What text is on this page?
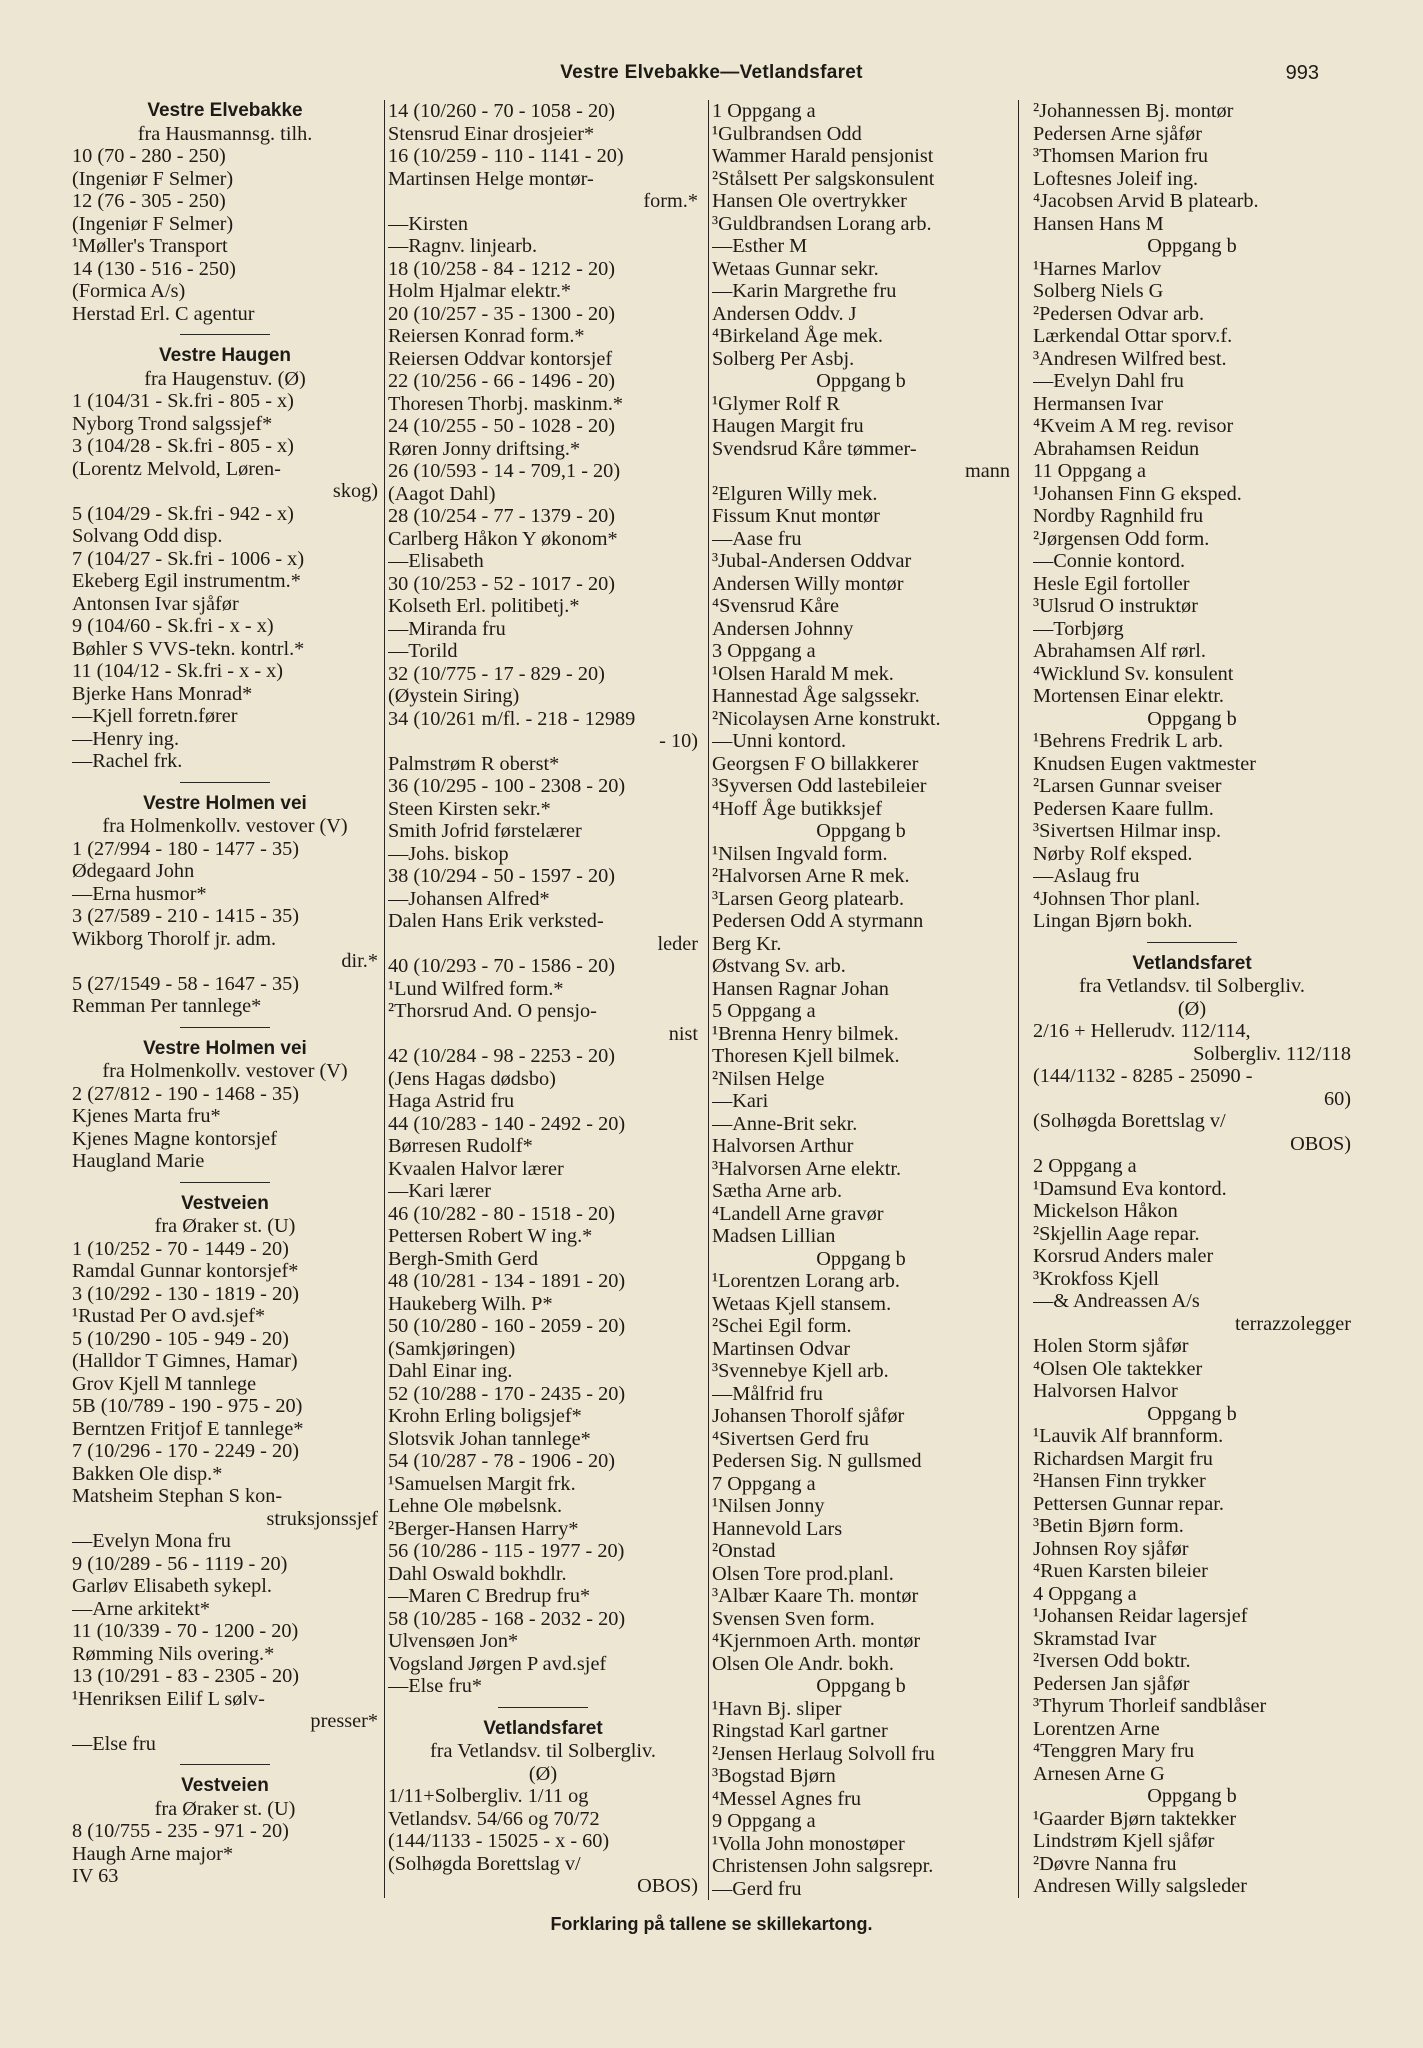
Vestre Elvebakke—Vetlandsfaret	993
Vestre Elvebakke
fra Hausmannsg. tilh.
10 (70 - 280 - 250)
(Ingeniør F Selmer)
12 (76 - 305 - 250)
(Ingeniør F Selmer)
¹Møller's Transport
14 (130 - 516 - 250)
(Formica A/s)
Herstad Erl. C agentur
Vestre Haugen
fra Haugenstuv. (Ø)
1 (104/31 - Sk.fri - 805 - x)
Nyborg Trond salgssjef*
3 (104/28 - Sk.fri - 805 - x)
(Lorentz Melvold, Løren-
skog)
5 (104/29 - Sk.fri - 942 - x)
Solvang Odd disp.
7 (104/27 - Sk.fri - 1006 - x)
Ekeberg Egil instrumentm.*
Antonsen Ivar sjåfør
9 (104/60 - Sk.fri - x - x)
Bøhler S VVS-tekn. kontrl.*
11 (104/12 - Sk.fri - x - x)
Bjerke Hans Monrad*
—Kjell forretn.fører
—Henry ing.
—Rachel frk.
Vestre Holmen vei
fra Holmenkollv. vestover (V)
1 (27/994 - 180 - 1477 - 35)
Ødegaard John
—Erna husmor*
3 (27/589 - 210 - 1415 - 35)
Wikborg Thorolf jr. adm.
dir.*
5 (27/1549 - 58 - 1647 - 35)
Remman Per tannlege*
Vestre Holmen vei
fra Holmenkollv. vestover (V)
2 (27/812 - 190 - 1468 - 35)
Kjenes Marta fru*
Kjenes Magne kontorsjef
Haugland Marie
Vestveien
fra Øraker st. (U)
1 (10/252 - 70 - 1449 - 20)
Ramdal Gunnar kontorsjef*
3 (10/292 - 130 - 1819 - 20)
¹Rustad Per O avd.sjef*
5 (10/290 - 105 - 949 - 20)
(Halldor T Gimnes, Hamar)
Grov Kjell M tannlege
5B (10/789 - 190 - 975 - 20)
Berntzen Fritjof E tannlege*
7 (10/296 - 170 - 2249 - 20)
Bakken Ole disp.*
Matsheim Stephan S kon-
struksjonssjef
—Evelyn Mona fru
9 (10/289 - 56 - 1119 - 20)
Garløv Elisabeth sykepl.
—Arne arkitekt*
11 (10/339 - 70 - 1200 - 20)
Rømming Nils overing.*
13 (10/291 - 83 - 2305 - 20)
¹Henriksen Eilif L sølv-
presser*
—Else fru
Vestveien
fra Øraker st. (U)
8 (10/755 - 235 - 971 - 20)
Haugh Arne major*
IV 63
14 (10/260 - 70 - 1058 - 20)
Stensrud Einar drosjeier*
16 (10/259 - 110 - 1141 - 20)
Martinsen Helge montør-
form.*
—Kirsten
—Ragnv. linjearb.
18 (10/258 - 84 - 1212 - 20)
Holm Hjalmar elektr.*
20 (10/257 - 35 - 1300 - 20)
Reiersen Konrad form.*
Reiersen Oddvar kontorsjef
22 (10/256 - 66 - 1496 - 20)
Thoresen Thorbj. maskinm.*
24 (10/255 - 50 - 1028 - 20)
Røren Jonny driftsing.*
26 (10/593 - 14 - 709,1 - 20)
(Aagot Dahl)
28 (10/254 - 77 - 1379 - 20)
Carlberg Håkon Y økonom*
—Elisabeth
30 (10/253 - 52 - 1017 - 20)
Kolseth Erl. politibetj.*
—Miranda fru
—Torild
32 (10/775 - 17 - 829 - 20)
(Øystein Siring)
34 (10/261 m/fl. - 218 - 12989
- 10)
Palmstrøm R oberst*
36 (10/295 - 100 - 2308 - 20)
Steen Kirsten sekr.*
Smith Jofrid førstelærer
—Johs. biskop
38 (10/294 - 50 - 1597 - 20)
—Johansen Alfred*
Dalen Hans Erik verksted-
leder
40 (10/293 - 70 - 1586 - 20)
¹Lund Wilfred form.*
²Thorsrud And. O pensjo-
nist
42 (10/284 - 98 - 2253 - 20)
(Jens Hagas dødsbo)
Haga Astrid fru
44 (10/283 - 140 - 2492 - 20)
Børresen Rudolf*
Kvaalen Halvor lærer
—Kari lærer
46 (10/282 - 80 - 1518 - 20)
Pettersen Robert W ing.*
Bergh-Smith Gerd
48 (10/281 - 134 - 1891 - 20)
Haukeberg Wilh. P*
50 (10/280 - 160 - 2059 - 20)
(Samkjøringen)
Dahl Einar ing.
52 (10/288 - 170 - 2435 - 20)
Krohn Erling boligsjef*
Slotsvik Johan tannlege*
54 (10/287 - 78 - 1906 - 20)
¹Samuelsen Margit frk.
Lehne Ole møbelsnk.
²Berger-Hansen Harry*
56 (10/286 - 115 - 1977 - 20)
Dahl Oswald bokhdlr.
—Maren C Bredrup fru*
58 (10/285 - 168 - 2032 - 20)
Ulvensøen Jon*
Vogsland Jørgen P avd.sjef
—Else fru*
Vetlandsfaret
fra Vetlandsv. til Solbergliv.
(Ø)
1/11+Solbergliv. 1/11 og
Vetlandsv. 54/66 og 70/72
(144/1133 - 15025 - x - 60)
(Solhøgda Borettslag v/
OBOS)
1 Oppgang a
¹Gulbrandsen Odd
Wammer Harald pensjonist
²Stålsett Per salgskonsulent
Hansen Ole overtrykker
³Guldbrandsen Lorang arb.
—Esther M
Wetaas Gunnar sekr.
—Karin Margrethe fru
Andersen Oddv. J
⁴Birkeland Åge mek.
Solberg Per Asbj.
Oppgang b
¹Glymer Rolf R
Haugen Margit fru
Svendsrud Kåre tømmer-
mann
²Elguren Willy mek.
Fissum Knut montør
—Aase fru
³Jubal-Andersen Oddvar
Andersen Willy montør
⁴Svensrud Kåre
Andersen Johnny
3 Oppgang a
¹Olsen Harald M mek.
Hannestad Åge salgssekr.
²Nicolaysen Arne konstrukt.
—Unni kontord.
Georgsen F O billakkerer
³Syversen Odd lastebileier
⁴Hoff Åge butikksjef
Oppgang b
¹Nilsen Ingvald form.
²Halvorsen Arne R mek.
³Larsen Georg platearb.
Pedersen Odd A styrmann
Berg Kr.
Østvang Sv. arb.
Hansen Ragnar Johan
5 Oppgang a
¹Brenna Henry bilmek.
Thoresen Kjell bilmek.
²Nilsen Helge
—Kari
—Anne-Brit sekr.
Halvorsen Arthur
³Halvorsen Arne elektr.
Sætha Arne arb.
⁴Landell Arne gravør
Madsen Lillian
Oppgang b
¹Lorentzen Lorang arb.
Wetaas Kjell stansem.
²Schei Egil form.
Martinsen Odvar
³Svennebye Kjell arb.
—Målfrid fru
Johansen Thorolf sjåfør
⁴Sivertsen Gerd fru
Pedersen Sig. N gullsmed
7 Oppgang a
¹Nilsen Jonny
Hannevold Lars
²Onstad
Olsen Tore prod.planl.
³Albær Kaare Th. montør
Svensen Sven form.
⁴Kjernmoen Arth. montør
Olsen Ole Andr. bokh.
Oppgang b
¹Havn Bj. sliper
Ringstad Karl gartner
²Jensen Herlaug Solvoll fru
³Bogstad Bjørn
⁴Messel Agnes fru
9 Oppgang a
¹Volla John monostøper
Christensen John salgsrepr.
—Gerd fru
²Johannessen Bj. montør
Pedersen Arne sjåfør
³Thomsen Marion fru
Loftesnes Joleif ing.
⁴Jacobsen Arvid B platearb.
Hansen Hans M
Oppgang b
¹Harnes Marlov
Solberg Niels G
²Pedersen Odvar arb.
Lærkendal Ottar sporv.f.
³Andresen Wilfred best.
—Evelyn Dahl fru
Hermansen Ivar
⁴Kveim A M reg. revisor
Abrahamsen Reidun
11 Oppgang a
¹Johansen Finn G eksped.
Nordby Ragnhild fru
²Jørgensen Odd form.
—Connie kontord.
Hesle Egil fortoller
³Ulsrud O instruktør
—Torbjørg
Abrahamsen Alf rørl.
⁴Wicklund Sv. konsulent
Mortensen Einar elektr.
Oppgang b
¹Behrens Fredrik L arb.
Knudsen Eugen vaktmester
²Larsen Gunnar sveiser
Pedersen Kaare fullm.
³Sivertsen Hilmar insp.
Nørby Rolf eksped.
—Aslaug fru
⁴Johnsen Thor planl.
Lingan Bjørn bokh.
Vetlandsfaret
fra Vetlandsv. til Solbergliv.
(Ø)
2/16 + Hellerudv. 112/114,
Solbergliv. 112/118
(144/1132 - 8285 - 25090 -
60)
(Solhøgda Borettslag v/
OBOS)
2 Oppgang a
¹Damsund Eva kontord.
Mickelson Håkon
²Skjellin Aage repar.
Korsrud Anders maler
³Krokfoss Kjell
—& Andreassen A/s
terrazzolegger
Holen Storm sjåfør
⁴Olsen Ole taktekker
Halvorsen Halvor
Oppgang b
¹Lauvik Alf brannform.
Richardsen Margit fru
²Hansen Finn trykker
Pettersen Gunnar repar.
³Betin Bjørn form.
Johnsen Roy sjåfør
⁴Ruen Karsten bileier
4 Oppgang a
¹Johansen Reidar lagersjef
Skramstad Ivar
²Iversen Odd boktr.
Pedersen Jan sjåfør
³Thyrum Thorleif sandblåser
Lorentzen Arne
⁴Tenggren Mary fru
Arnesen Arne G
Oppgang b
¹Gaarder Bjørn taktekker
Lindstrøm Kjell sjåfør
²Døvre Nanna fru
Andresen Willy salgsleder
Forklaring på tallene se skillekartong.
